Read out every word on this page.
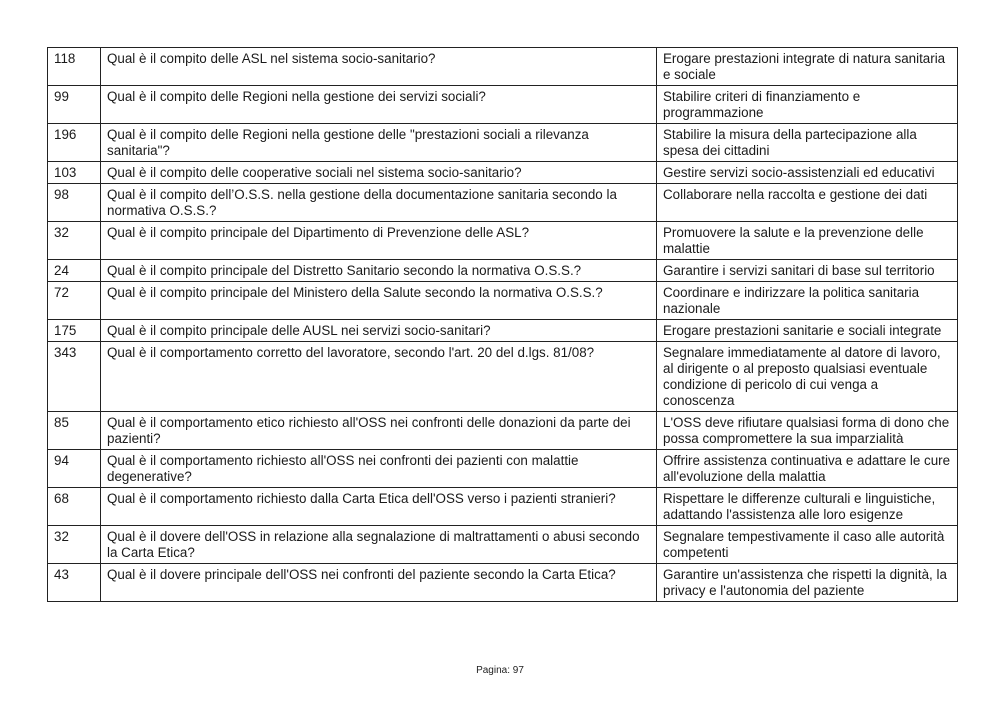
118	Qual è il compito delle ASL nel sistema socio-sanitario?	Erogare prestazioni integrate di natura sanitaria e sociale
99	Qual è il compito delle Regioni nella gestione dei servizi sociali?	Stabilire criteri di finanziamento e programmazione
196	Qual è il compito delle Regioni nella gestione delle "prestazioni sociali a rilevanza sanitaria"?	Stabilire la misura della partecipazione alla spesa dei cittadini
103	Qual è il compito delle cooperative sociali nel sistema socio-sanitario?	Gestire servizi socio-assistenziali ed educativi
98	Qual è il compito dell’O.S.S. nella gestione della documentazione sanitaria secondo la normativa O.S.S.?	Collaborare nella raccolta e gestione dei dati
32	Qual è il compito principale del Dipartimento di Prevenzione delle ASL?	Promuovere la salute e la prevenzione delle malattie
24	Qual è il compito principale del Distretto Sanitario secondo la normativa O.S.S.?	Garantire i servizi sanitari di base sul territorio
72	Qual è il compito principale del Ministero della Salute secondo la normativa O.S.S.?	Coordinare e indirizzare la politica sanitaria nazionale
175	Qual è il compito principale delle AUSL nei servizi socio-sanitari?	Erogare prestazioni sanitarie e sociali integrate
343	Qual è il comportamento corretto del lavoratore, secondo l'art. 20 del d.lgs. 81/08?	Segnalare immediatamente al datore di lavoro, al dirigente o al preposto qualsiasi eventuale condizione di pericolo di cui venga a conoscenza
85	Qual è il comportamento etico richiesto all'OSS nei confronti delle donazioni da parte dei pazienti?	L'OSS deve rifiutare qualsiasi forma di dono che possa compromettere la sua imparzialità
94	Qual è il comportamento richiesto all'OSS nei confronti dei pazienti con malattie degenerative?	Offrire assistenza continuativa e adattare le cure all'evoluzione della malattia
68	Qual è il comportamento richiesto dalla Carta Etica dell'OSS verso i pazienti stranieri?	Rispettare le differenze culturali e linguistiche, adattando l'assistenza alle loro esigenze
32	Qual è il dovere dell'OSS in relazione alla segnalazione di maltrattamenti o abusi secondo la Carta Etica?	Segnalare tempestivamente il caso alle autorità competenti
43	Qual è il dovere principale dell'OSS nei confronti del paziente secondo la Carta Etica?	Garantire un'assistenza che rispetti la dignità, la privacy e l'autonomia del paziente
Pagina: 97
